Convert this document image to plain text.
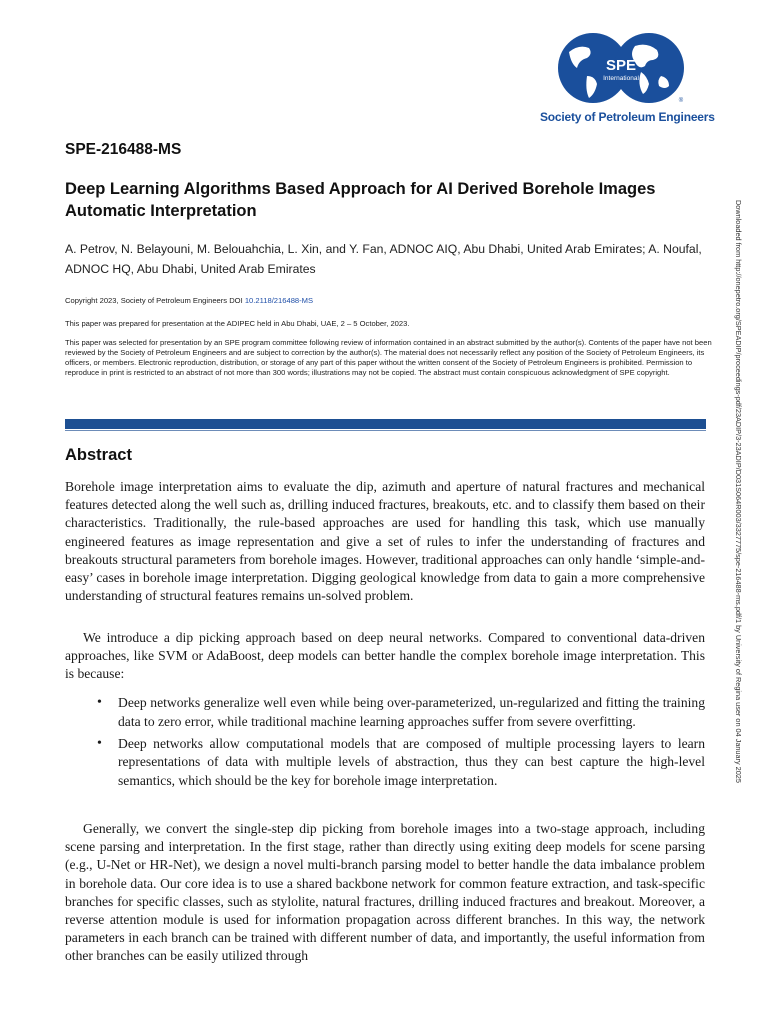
SPE
International
®
Society of Petroleum Engineers
SPE-216488-MS
Deep Learning Algorithms Based Approach for AI Derived Borehole Images Automatic Interpretation
A. Petrov, N. Belayouni, M. Belouahchia, L. Xin, and Y. Fan, ADNOC AIQ, Abu Dhabi, United Arab Emirates; A. Noufal, ADNOC HQ, Abu Dhabi, United Arab Emirates
Copyright 2023, Society of Petroleum Engineers DOI 10.2118/216488-MS
This paper was prepared for presentation at the ADIPEC held in Abu Dhabi, UAE, 2 – 5 October, 2023.
This paper was selected for presentation by an SPE program committee following review of information contained in an abstract submitted by the author(s). Contents of the paper have not been reviewed by the Society of Petroleum Engineers and are subject to correction by the author(s). The material does not necessarily reflect any position of the Society of Petroleum Engineers, its officers, or members. Electronic reproduction, distribution, or storage of any part of this paper without the written consent of the Society of Petroleum Engineers is prohibited. Permission to reproduce in print is restricted to an abstract of not more than 300 words; illustrations may not be copied. The abstract must contain conspicuous acknowledgment of SPE copyright.
Abstract
Borehole image interpretation aims to evaluate the dip, azimuth and aperture of natural fractures and mechanical features detected along the well such as, drilling induced fractures, breakouts, etc. and to classify them based on their characteristics. Traditionally, the rule-based approaches are used for handling this task, which use manually engineered features as image representation and give a set of rules to infer the understanding of fractures and breakouts structural parameters from borehole images. However, traditional approaches can only handle ‘simple-and-easy’ cases in borehole image interpretation. Digging geological knowledge from data to gain a more comprehensive understanding of structural features remains un-solved problem.
We introduce a dip picking approach based on deep neural networks. Compared to conventional data-driven approaches, like SVM or AdaBoost, deep models can better handle the complex borehole image interpretation. This is because:
• Deep networks generalize well even while being over-parameterized, un-regularized and fitting the training data to zero error, while traditional machine learning approaches suffer from severe overfitting.
• Deep networks allow computational models that are composed of multiple processing layers to learn representations of data with multiple levels of abstraction, thus they can best capture the high-level semantics, which should be the key for borehole image interpretation.
Generally, we convert the single-step dip picking from borehole images into a two-stage approach, including scene parsing and interpretation. In the first stage, rather than directly using exiting deep models for scene parsing (e.g., U-Net or HR-Net), we design a novel multi-branch parsing model to better handle the data imbalance problem in borehole data. Our core idea is to use a shared backbone network for common feature extraction, and task-specific branches for specific classes, such as stylolite, natural fractures, drilling induced fractures and breakout. Moreover, a reverse attention module is used for information propagation across different branches. In this way, the network parameters in each branch can be trained with different number of data, and importantly, the useful information from other branches can be easily utilized through
Downloaded from http://onepetro.org/SPEADIP/proceedings-pdf/23ADIP/3-23ADIP/D031S064R003/3327775/spe-216488-ms.pdf/1 by University of Regina user on 04 January 2025
